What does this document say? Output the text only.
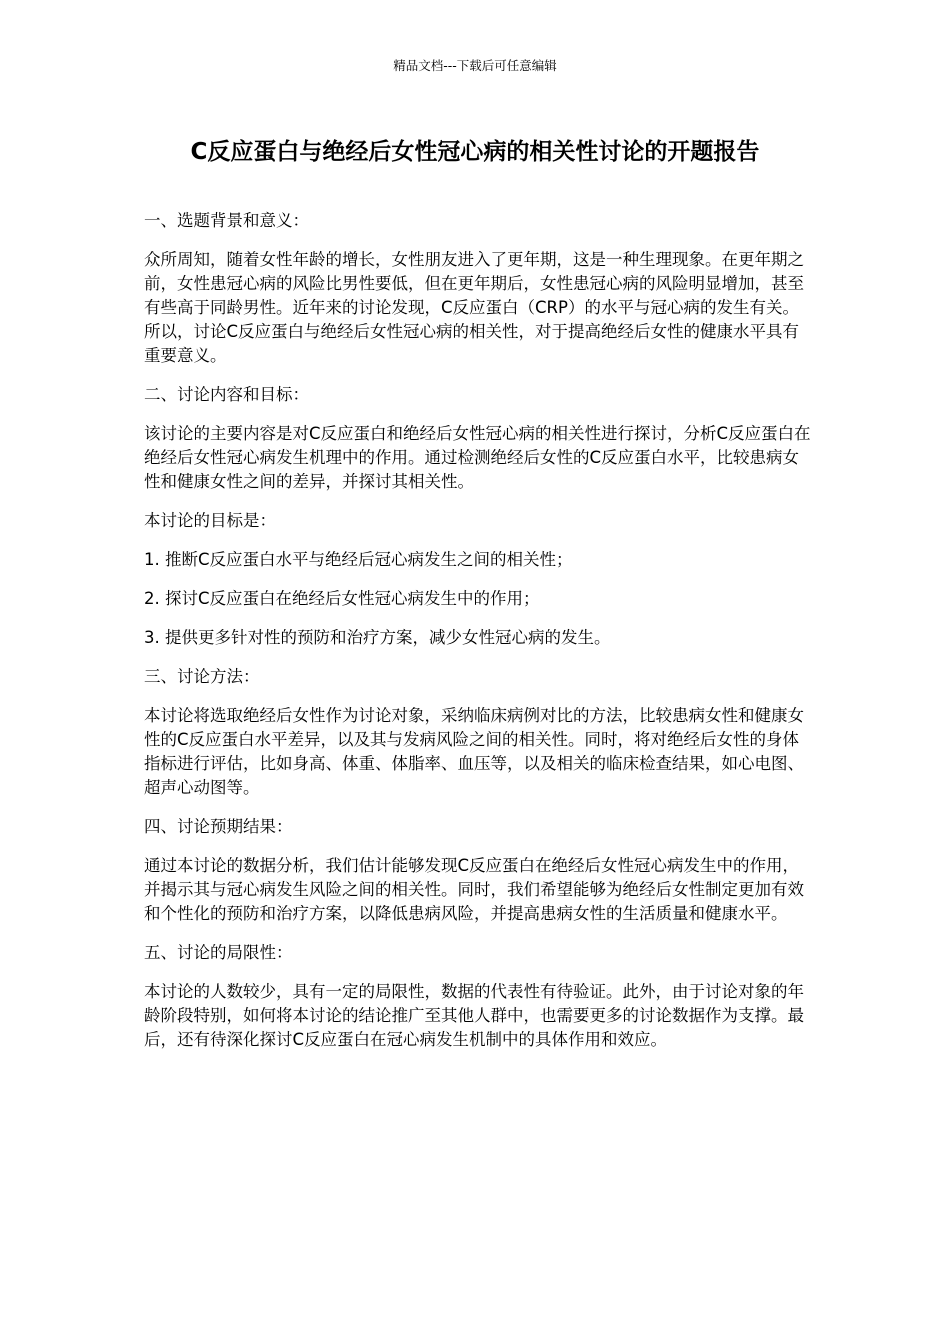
精品文档---下载后可任意编辑
C反应蛋白与绝经后女性冠心病的相关性讨论的开题报告

一、选题背景和意义：

众所周知，随着女性年龄的增长，女性朋友进入了更年期，这是一种生理现象。在更年期之前，女性患冠心病的风险比男性要低，但在更年期后，女性患冠心病的风险明显增加，甚至有些高于同龄男性。近年来的讨论发现，C反应蛋白（CRP）的水平与冠心病的发生有关。所以，讨论C反应蛋白与绝经后女性冠心病的相关性，对于提高绝经后女性的健康水平具有重要意义。

二、讨论内容和目标：

该讨论的主要内容是对C反应蛋白和绝经后女性冠心病的相关性进行探讨，分析C反应蛋白在绝经后女性冠心病发生机理中的作用。通过检测绝经后女性的C反应蛋白水平，比较患病女性和健康女性之间的差异，并探讨其相关性。

本讨论的目标是：

1. 推断C反应蛋白水平与绝经后冠心病发生之间的相关性；

2. 探讨C反应蛋白在绝经后女性冠心病发生中的作用；

3. 提供更多针对性的预防和治疗方案，减少女性冠心病的发生。

三、讨论方法：

本讨论将选取绝经后女性作为讨论对象，采纳临床病例对比的方法，比较患病女性和健康女性的C反应蛋白水平差异，以及其与发病风险之间的相关性。同时，将对绝经后女性的身体指标进行评估，比如身高、体重、体脂率、血压等，以及相关的临床检查结果，如心电图、超声心动图等。

四、讨论预期结果：

通过本讨论的数据分析，我们估计能够发现C反应蛋白在绝经后女性冠心病发生中的作用，并揭示其与冠心病发生风险之间的相关性。同时，我们希望能够为绝经后女性制定更加有效和个性化的预防和治疗方案，以降低患病风险，并提高患病女性的生活质量和健康水平。

五、讨论的局限性：

本讨论的人数较少，具有一定的局限性，数据的代表性有待验证。此外，由于讨论对象的年龄阶段特别，如何将本讨论的结论推广至其他人群中，也需要更多的讨论数据作为支撑。最后，还有待深化探讨C反应蛋白在冠心病发生机制中的具体作用和效应。
